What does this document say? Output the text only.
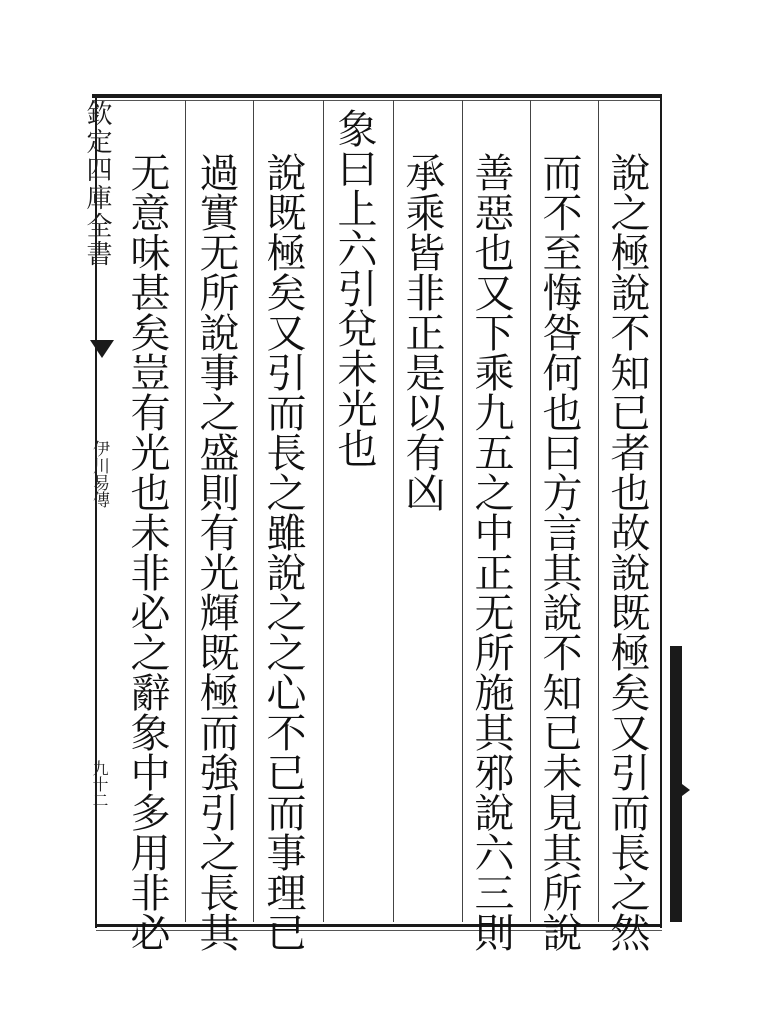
欽定四庫全書
伊川易傳
九十二	說之極說不知已者也故說既極矣又引而長之然
而不至悔咎何也曰方言其說不知已未見其所說
善惡也又下乘九五之中正无所施其邪說六三則
承乘皆非正是以有凶
象曰上六引兌未光也
說既極矣又引而長之雖說之之心不已而事理已
過實无所說事之盛則有光輝既極而強引之長其
无意味甚矣豈有光也未非必之辭象中多用非必
